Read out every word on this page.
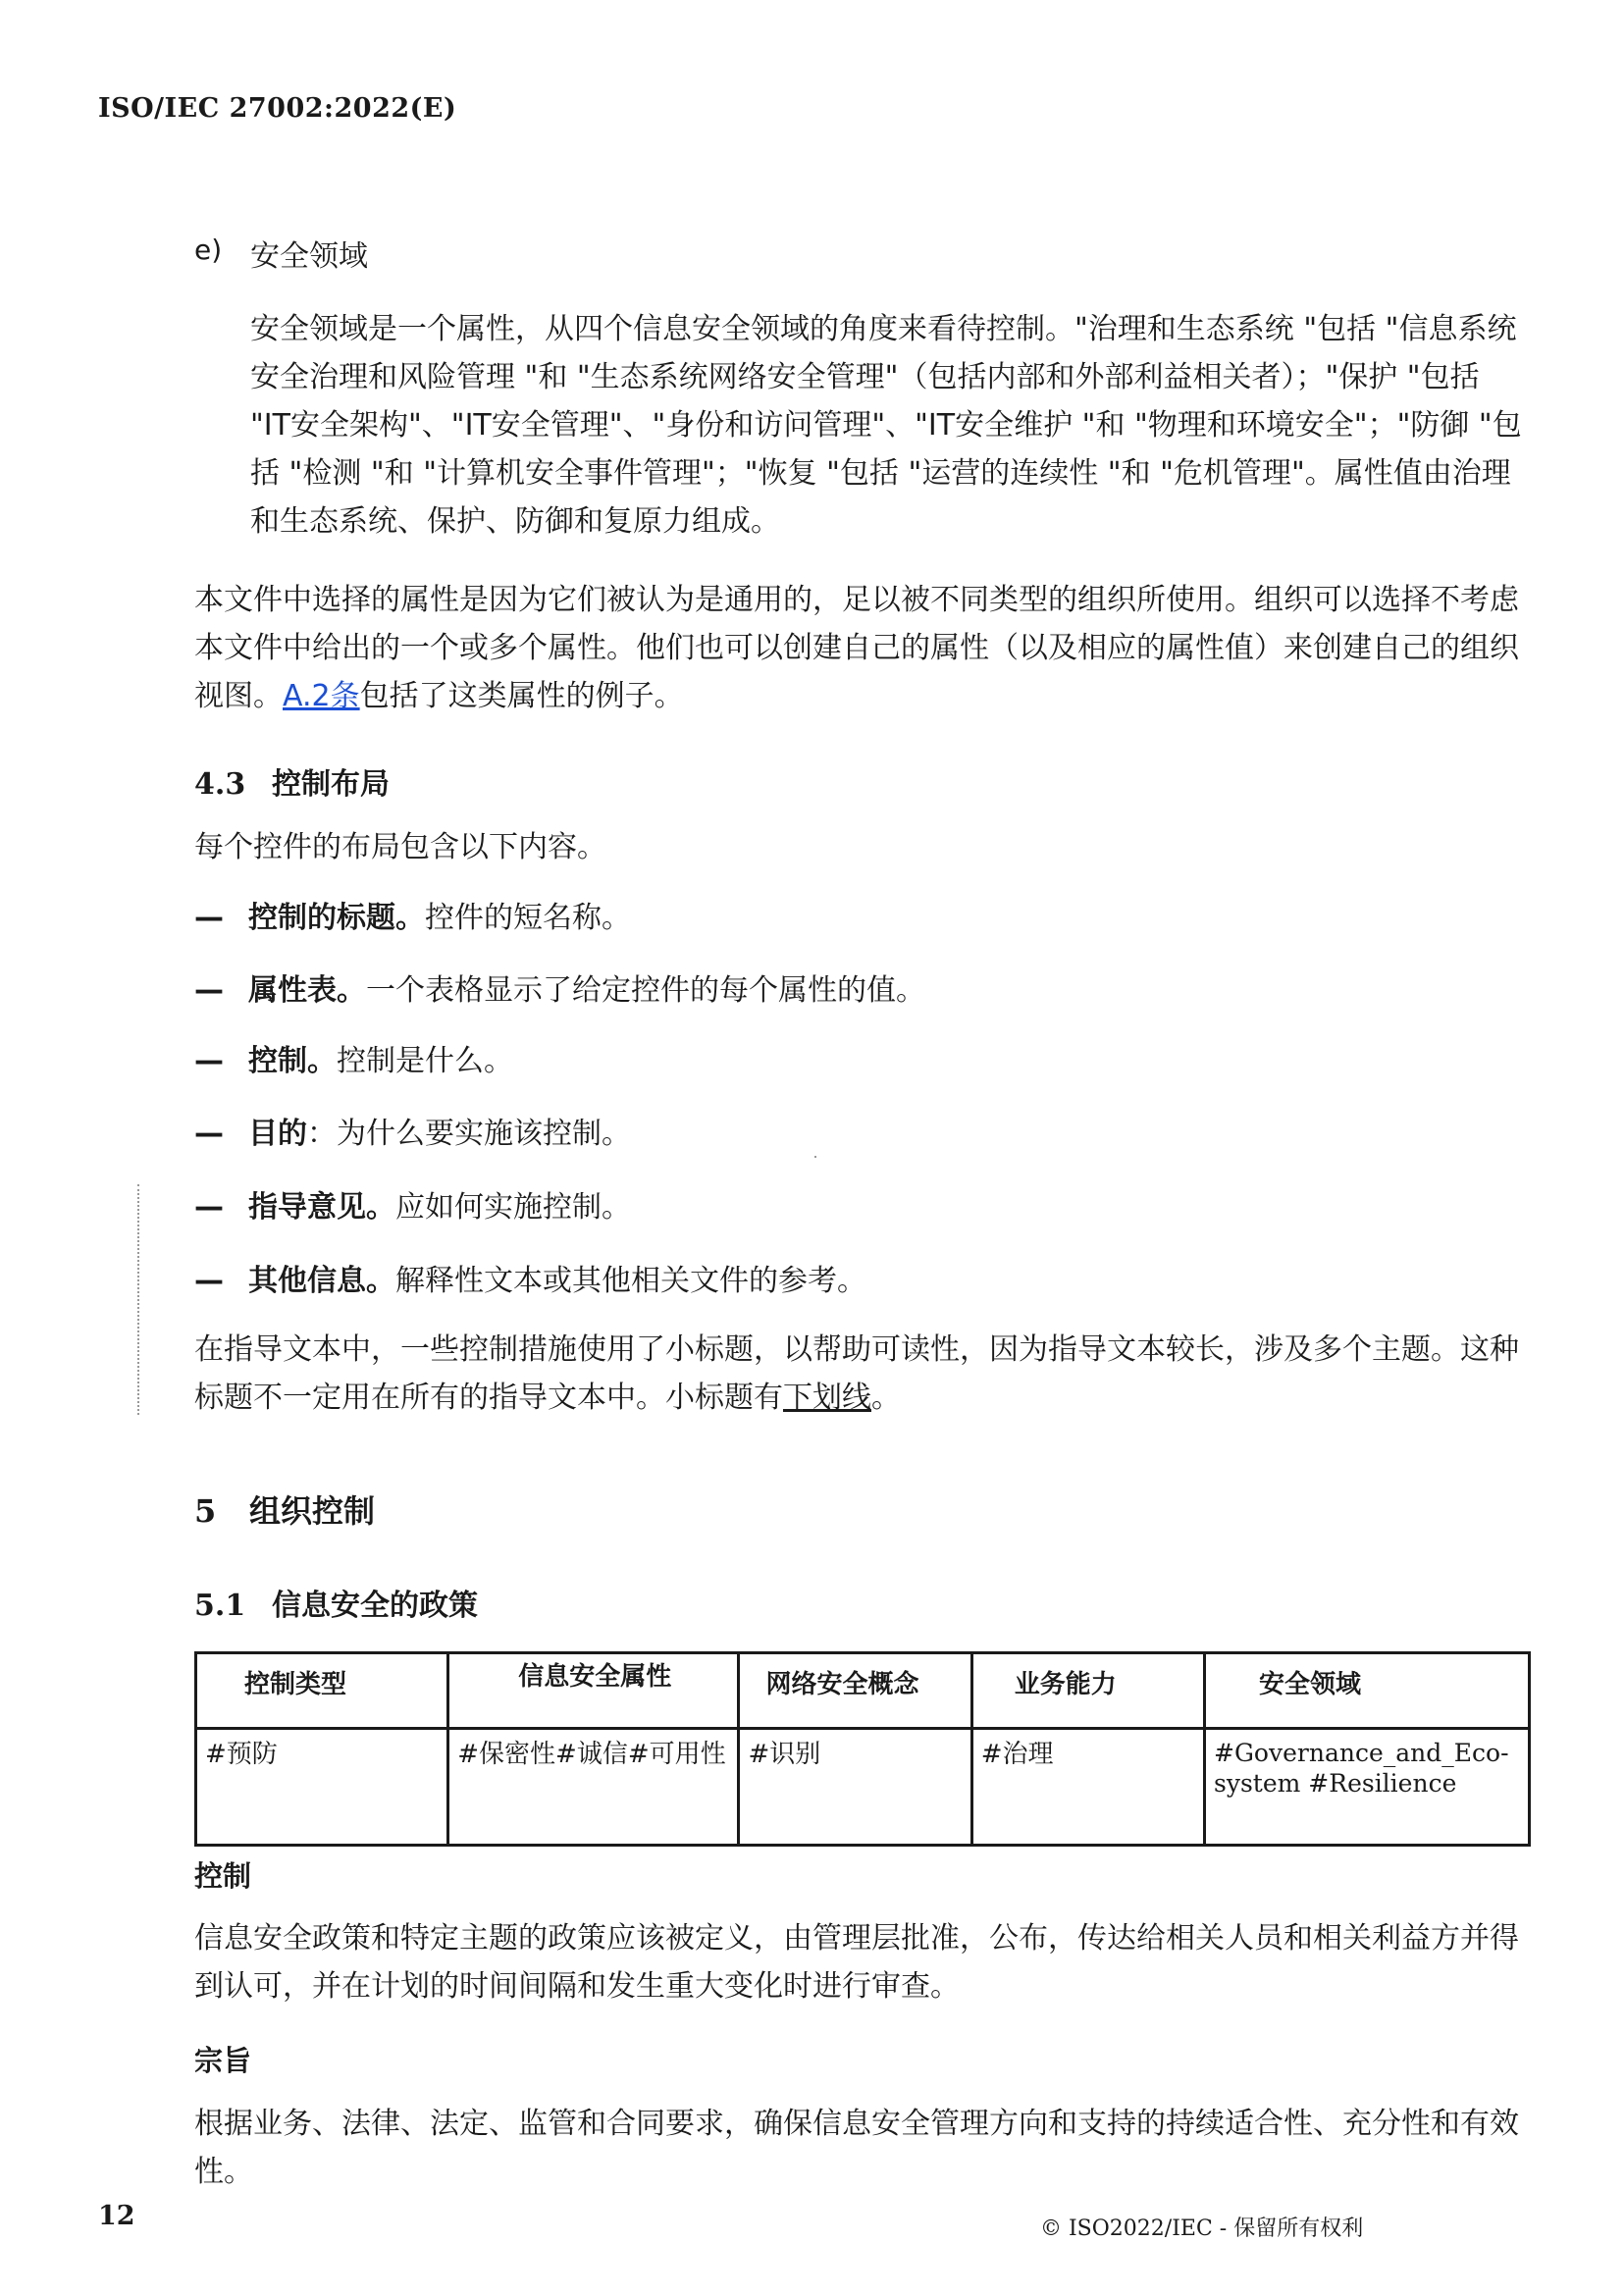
ISO/IEC 27002:2022(E)
e) 安全领域
安全领域是一个属性，从四个信息安全领域的角度来看待控制。"治理和生态系统 "包括 "信息系统安全治理和风险管理 "和 "生态系统网络安全管理"（包括内部和外部利益相关者）；"保护 "包括 "IT安全架构"、"IT安全管理"、"身份和访问管理"、"IT安全维护 "和 "物理和环境安全"；"防御 "包括 "检测 "和 "计算机安全事件管理"；"恢复 "包括 "运营的连续性 "和 "危机管理"。属性值由治理和生态系统、保护、防御和复原力组成。
本文件中选择的属性是因为它们被认为是通用的，足以被不同类型的组织所使用。组织可以选择不考虑本文件中给出的一个或多个属性。他们也可以创建自己的属性（以及相应的属性值）来创建自己的组织视图。A.2条包括了这类属性的例子。
4.3 控制布局
每个控件的布局包含以下内容。
— 控制的标题。控件的短名称。
— 属性表。一个表格显示了给定控件的每个属性的值。
— 控制。控制是什么。
— 目的：为什么要实施该控制。
— 指导意见。应如何实施控制。
— 其他信息。解释性文本或其他相关文件的参考。
在指导文本中，一些控制措施使用了小标题，以帮助可读性，因为指导文本较长，涉及多个主题。这种标题不一定用在所有的指导文本中。小标题有下划线。
5 组织控制
5.1 信息安全的政策
控制类型	信息安全属性	网络安全概念	业务能力	安全领域
#预防	#保密性#诚信#可用性	#识别	#治理	#Governance_and_Eco-system #Resilience
控制
信息安全政策和特定主题的政策应该被定义，由管理层批准，公布，传达给相关人员和相关利益方并得到认可，并在计划的时间间隔和发生重大变化时进行审查。
宗旨
根据业务、法律、法定、监管和合同要求，确保信息安全管理方向和支持的持续适合性、充分性和有效性。
12	© ISO2022/IEC - 保留所有权利
